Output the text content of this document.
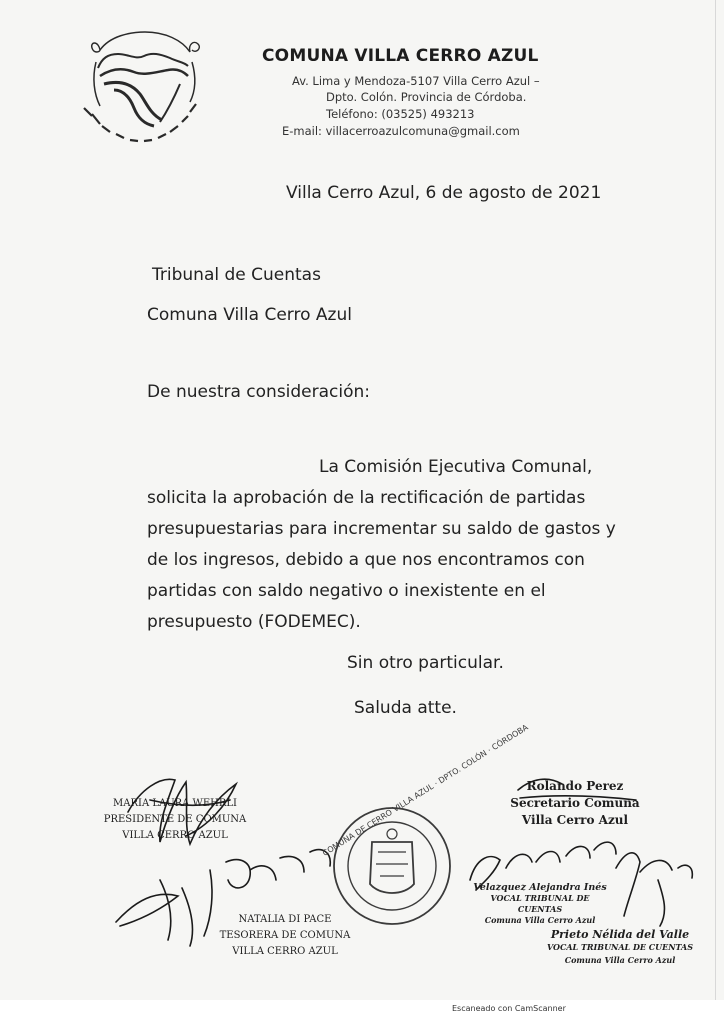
COMUNA VILLA CERRO AZUL
Av. Lima y Mendoza-5107 Villa Cerro Azul –
Dpto. Colón. Provincia de Córdoba.
Teléfono: (03525) 493213
E-mail: villacerroazulcomuna@gmail.com
Villa Cerro Azul, 6 de agosto de 2021
Tribunal de Cuentas
Comuna Villa Cerro Azul
De nuestra consideración:
La Comisión Ejecutiva Comunal,
solicita la aprobación de la rectificación de partidas
presupuestarias para incrementar su saldo de gastos y
de los ingresos, debido a que nos encontramos con
partidas con saldo negativo o inexistente en el
presupuesto (FODEMEC).
Sin otro particular.
Saluda atte.
COMUNA DE CERRO VILLA AZUL · DPTO. COLÓN · CÓRDOBA
MARIA LAURA WEHRLI
PRESIDENTE DE COMUNA
VILLA CERRO AZUL
Rolando Perez
Secretario Comuna
Villa Cerro Azul
NATALIA DI PACE
TESORERA DE COMUNA
VILLA CERRO AZUL
Velazquez Alejandra Inés
VOCAL TRIBUNAL DE CUENTAS
Comuna Villa Cerro Azul
Prieto Nélida del Valle
VOCAL TRIBUNAL DE CUENTAS
Comuna Villa Cerro Azul
Escaneado con CamScanner
